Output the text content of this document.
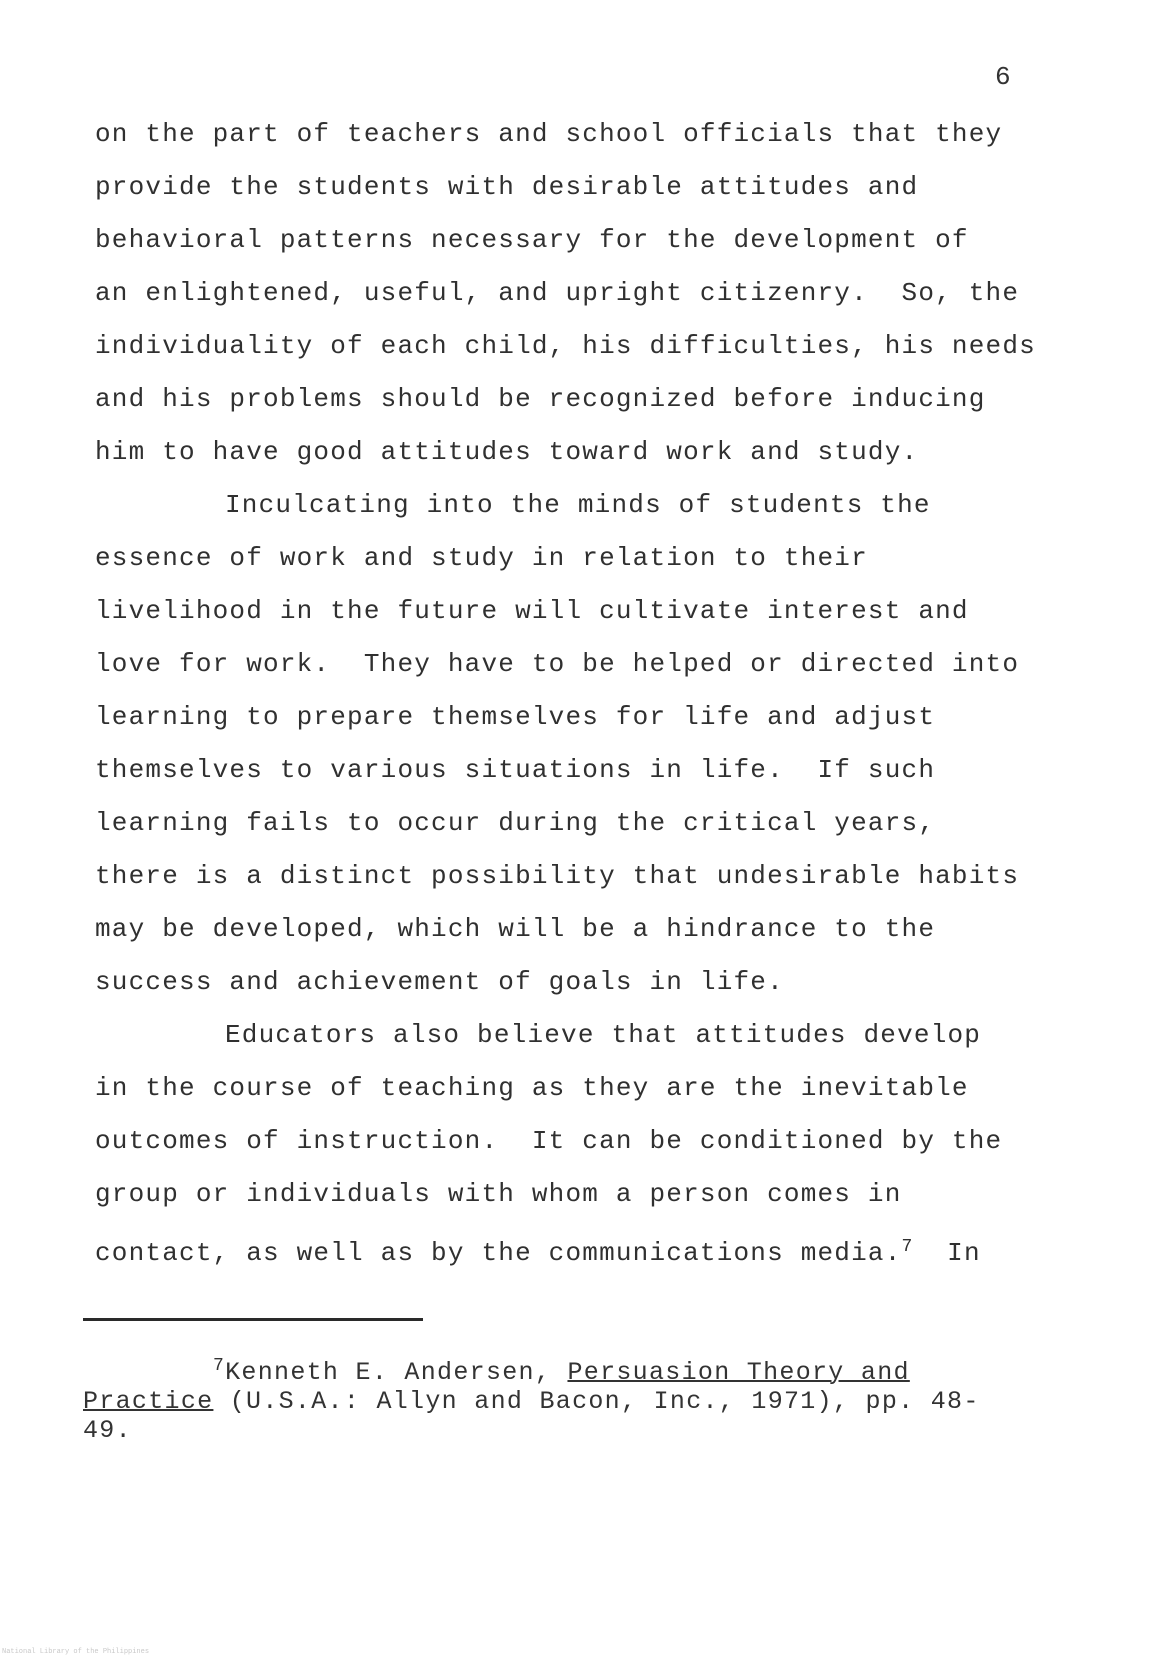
6
on the part of teachers and school officials that they
provide the students with desirable attitudes and
behavioral patterns necessary for the development of
an enlightened, useful, and upright citizenry.  So, the
individuality of each child, his difficulties, his needs
and his problems should be recognized before inducing
him to have good attitudes toward work and study.
Inculcating into the minds of students the
essence of work and study in relation to their
livelihood in the future will cultivate interest and
love for work.  They have to be helped or directed into
learning to prepare themselves for life and adjust
themselves to various situations in life.  If such
learning fails to occur during the critical years,
there is a distinct possibility that undesirable habits
may be developed, which will be a hindrance to the
success and achievement of goals in life.
Educators also believe that attitudes develop
in the course of teaching as they are the inevitable
outcomes of instruction.  It can be conditioned by the
group or individuals with whom a person comes in
contact, as well as by the communications media.$^7$ In
$^7$Kenneth E. Andersen, Persuasion Theory and
Practice (U.S.A.: Allyn and Bacon, Inc., 1971), pp. 48-
49.
National Library of the Philippines
